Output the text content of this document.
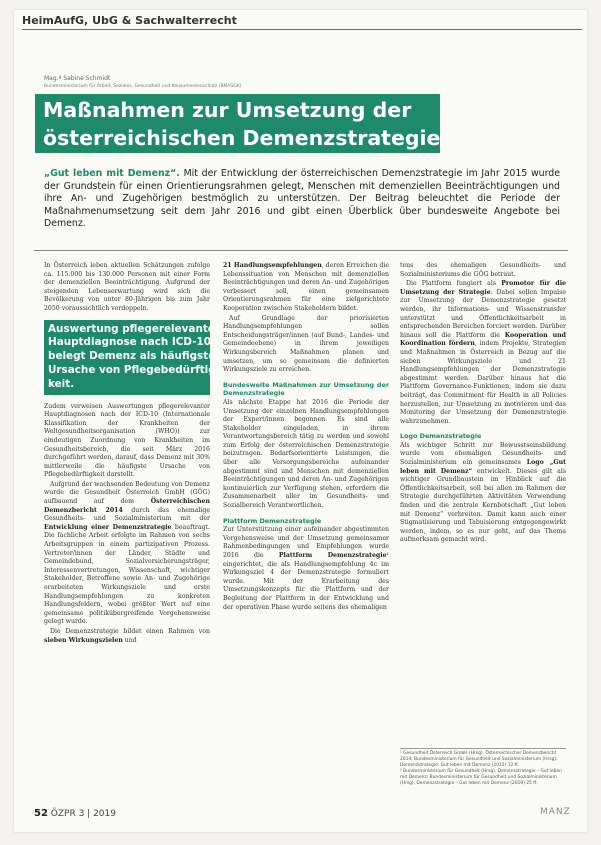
HeimAufG, UbG & Sachwalterrecht
Mag.ª Sabine Schmidt
Bundesministerium für Arbeit, Soziales, Gesundheit und Konsumentenschutz (BMASGK)
Maßnahmen zur Umsetzung der
österreichischen Demenzstrategie
„Gut leben mit Demenz“. Mit der Entwicklung der österreichischen Demenzstrategie im Jahr 2015 wurde der Grundstein für einen Orientierungsrahmen gelegt, Menschen mit demenziellen Beeinträchtigungen und ihre An- und Zugehörigen bestmöglich zu unterstützen. Der Beitrag beleuchtet die Periode der Maßnahmenumsetzung seit dem Jahr 2016 und gibt einen Überblick über bundesweite Angebote bei Demenz.

In Österreich leben aktuellen Schätzungen zufolge ca. 115.000 bis 130.000 Personen mit einer Form der demenziellen Beeinträchtigung. Aufgrund der steigenden Lebenserwartung wird sich die Bevölkerung von unter 80-Jährigen bis zum Jahr 2050 voraussichtlich verdoppeln.

Auswertung pflegerelevanter
Hauptdiagnose nach ICD-10
belegt Demenz als häufigste
Ursache von Pflegebedürftig-
keit.

Zudem verweisen Auswertungen pflegerelevanter Hauptdiagnosen nach der ICD-10 (Internationale Klassifikation der Krankheiten der Weltgesundheitsorganisation (WHO)) zur eindeutigen Zuordnung von Krankheiten im Gesundheitsbereich, die seit März 2016 durchgeführt werden, darauf, dass Demenz mit 30% mittlerweile die häufigste Ursache von Pflegebedürftigkeit darstellt.

Aufgrund der wachsenden Bedeutung von Demenz wurde die Gesundheit Österreich GmbH (GÖG) aufbauend auf dem Österreichischen Demenzbericht 2014 durch das ehemalige Gesundheits- und Sozialministerium mit der Entwicklung einer Demenzstrategie beauftragt. Die fachliche Arbeit erfolgte im Rahmen von sechs Arbeitsgruppen in einem partizipativen Prozess. Vertreter/innen der Länder, Städte und Gemeindebund, Sozialversicherungsträger, Interessenvertretungen, Wissenschaft, wichtiger Stakeholder, Betroffene sowie An- und Zugehörige erarbeiteten Wirkungsziele und erste Handlungsempfehlungen zu konkreten Handlungsfeldern, wobei größter Wert auf eine gemeinsame politikübergreifende Vorgehensweise gelegt wurde.

Die Demenzstrategie bildet einen Rahmen von sieben Wirkungszielen und

21 Handlungsempfehlungen, deren Erreichen die Lebenssituation von Menschen mit demenziellen Beeinträchtigungen und deren An- und Zugehörigen verbessert soll, einen gemeinsamen Orientierungsrahmen für eine zielgerichtete Kooperation zwischen Stakeholdern bildet.

Auf Grundlage der priorisierten Handlungsempfehlungen sollen Entscheidungsträger/innen (auf Bund-, Landes- und Gemeindeebene) in ihrem jeweiligen Wirkungsbereich Maßnahmen planen und umsetzen, um so gemeinsam die definierten Wirkungsziele zu erreichen.

Bundesweite Maßnahmen zur Umsetzung der Demenzstrategie

Als nächste Etappe hat 2016 die Periode der Umsetzung der einzelnen Handlungsempfehlungen der Expert/innen begonnen. Es sind alle Stakeholder eingeladen, in ihrem Verantwortungsbereich tätig zu werden und sowohl zum Erfolg der österreichischen Demenzstrategie beizutragen. Bedarfsorientierte Leistungen, die über alle Versorgungsbereiche aufeinander abgestimmt sind und Menschen mit demenziellen Beeinträchtigungen und deren An- und Zugehörigen kontinuierlich zur Verfügung stehen, erfordern die Zusammenarbeit aller im Gesundheits- und Sozialbereich Verantwortlichen.

Plattform Demenzstrategie

Zur Unterstützung einer aufeinander abgestimmten Vorgehensweise und der Umsetzung gemeinsamer Rahmenbedingungen und Empfehlungen wurde 2016 die Plattform Demenzstrategie¹ eingerichtet, die als Handlungsempfehlung 4c im Wirkungsziel 4 der Demenzstrategie formuliert wurde. Mit der Erarbeitung des Umsetzungskonzepts für die Plattform und der Begleitung der Plattform in der Entwicklung und der operativen Phase wurde seitens des ehemaligen

tens des ehemaligen Gesundheits- und Sozialministeriums die GÖG betraut.

Die Plattform fungiert als Promotor für die Umsetzung der Strategie. Dabei sollen Impulse zur Umsetzung der Demenzstrategie gesetzt werden, ihr Informations- und Wissenstransfer unterstützt und Öffentlichkeitsarbeit in entsprechenden Bereichen forciert werden. Darüber hinaus soll die Plattform die Kooperation und Koordination fördern, indem Projekte, Strategien und Maßnahmen in Österreich in Bezug auf die sieben Wirkungsziele und 21 Handlungsempfehlungen der Demenzstrategie abgestimmt werden. Darüber hinaus hat die Plattform Governance-Funktionen, indem sie dazu beiträgt, das Commitment für Health in all Policies herzustellen, zur Umsetzung zu motivieren und das Monitoring der Umsetzung der Demenzstrategie wahrzunehmen.

Logo Demenzstrategie

Als wichtiger Schritt zur Bewusstseinsbildung wurde vom ehemaligen Gesundheits- und Sozialministerium ein gemeinsames Logo „Gut leben mit Demenz“ entwickelt. Dieses gilt als wichtiger Grundbaustein im Hinblick auf die Öffentlichkeitsarbeit, soll bei allen im Rahmen der Strategie durchgeführten Aktivitäten Verwendung finden und die zentrale Kernbotschaft „Gut leben mit Demenz“ verbreiten. Damit kann auch einer Stigmatisierung und Tabuisierung entgegengewirkt werden, indem, so es nur geht, auf das Thema aufmerksam gemacht wird.

¹ Gesundheit Österreich GmbH (Hrsg), Österreichischer Demenzbericht 2014; Bundesministerium für Gesundheit und Sozialministerium (Hrsg), Demenzstrategie: Gut leben mit Demenz (2015) 12 ff.

² Bundesministerium für Gesundheit (Hrsg), Demenzstrategie – Gut leben mit Demenz; Bundesministerium für Gesundheit und Sozialministerium (Hrsg), Demenzstrategie – Gut leben mit Demenz (2019) 25 ff.

52 ÖZPR 3 | 2019	MANZ
